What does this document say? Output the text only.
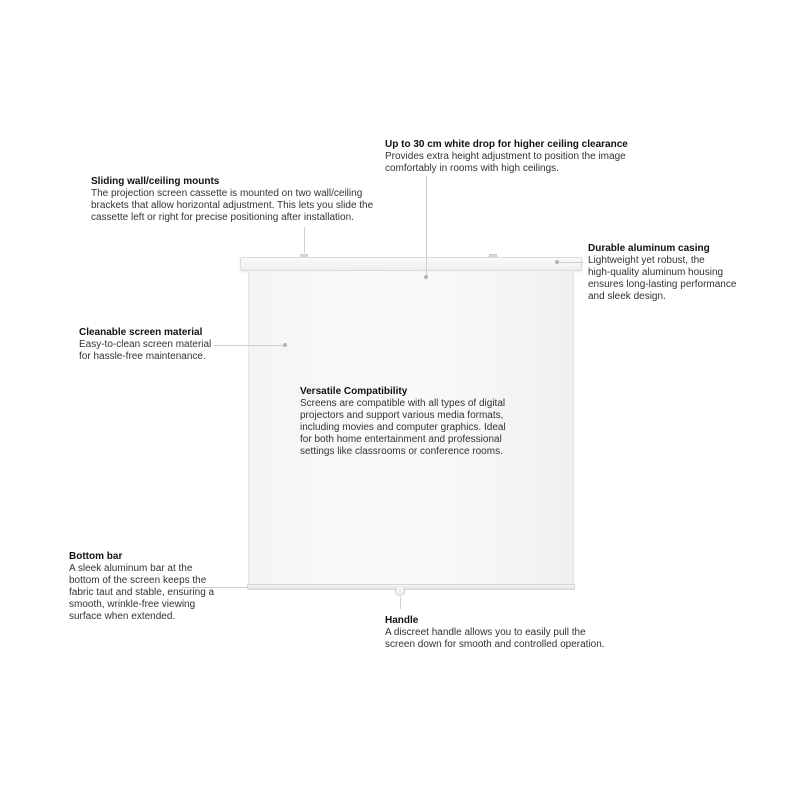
Up to 30 cm white drop for higher ceiling clearance
Provides extra height adjustment to position the image
comfortably in rooms with high ceilings.
Sliding wall/ceiling mounts
The projection screen cassette is mounted on two wall/ceiling
brackets that allow horizontal adjustment. This lets you slide the
cassette left or right for precise positioning after installation.
Durable aluminum casing
Lightweight yet robust, the
high-quality aluminum housing
ensures long-lasting performance
and sleek design.
Cleanable screen material
Easy-to-clean screen material
for hassle-free maintenance.
Versatile Compatibility
Screens are compatible with all types of digital
projectors and support various media formats,
including movies and computer graphics. Ideal
for both home entertainment and professional
settings like classrooms or conference rooms.
Bottom bar
A sleek aluminum bar at the
bottom of the screen keeps the
fabric taut and stable, ensuring a
smooth, wrinkle-free viewing
surface when extended.	Handle
A discreet handle allows you to easily pull the
screen down for smooth and controlled operation.
